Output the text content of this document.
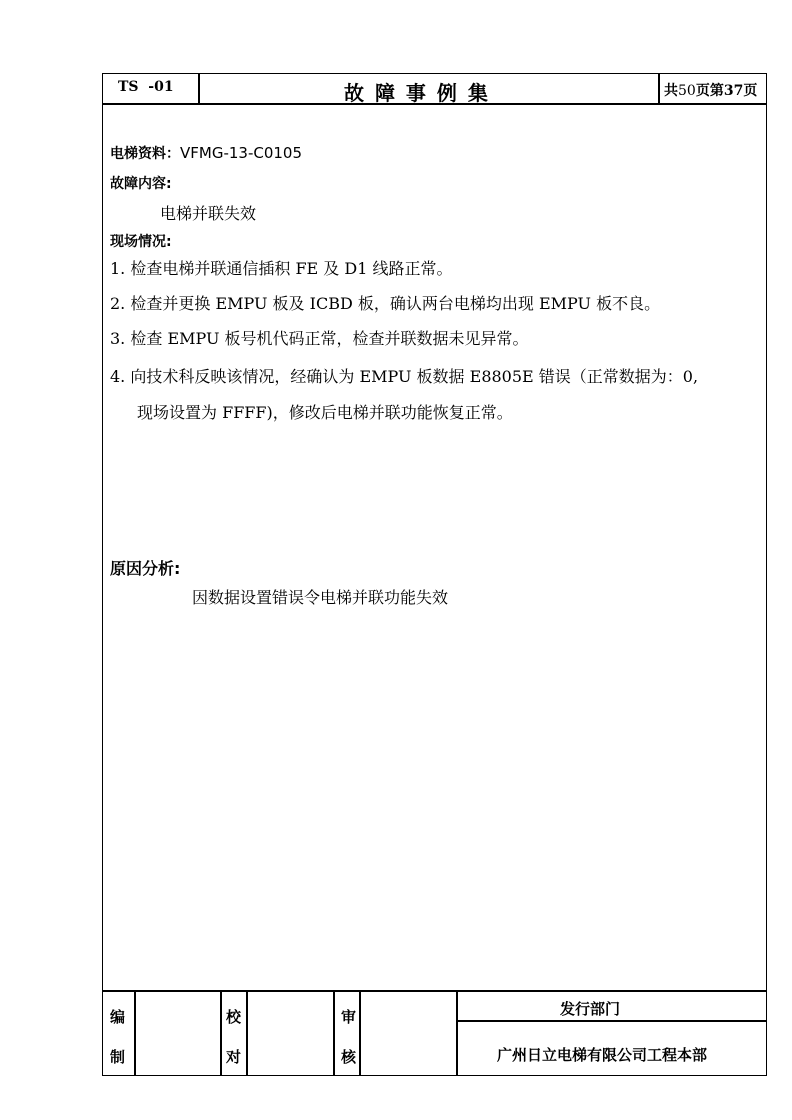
TS  -01	故 障 事 例 集	共50页第37页
电梯资料：VFMG-13-C0105
故障内容:
电梯并联失效
现场情况:
1. 检查电梯并联通信插积 FE 及 D1 线路正常。
2. 检查并更换 EMPU 板及 ICBD 板，确认两台电梯均出现 EMPU 板不良。
3. 检查 EMPU 板号机代码正常，检查并联数据未见异常。
4. 向技术科反映该情况，经确认为 EMPU 板数据 E8805E 错误（正常数据为：0,
现场设置为 FFFF)，修改后电梯并联功能恢复正常。
原因分析:
因数据设置错误令电梯并联功能失效
编
制
校
对
审
核
发行部门
广州日立电梯有限公司工程本部
